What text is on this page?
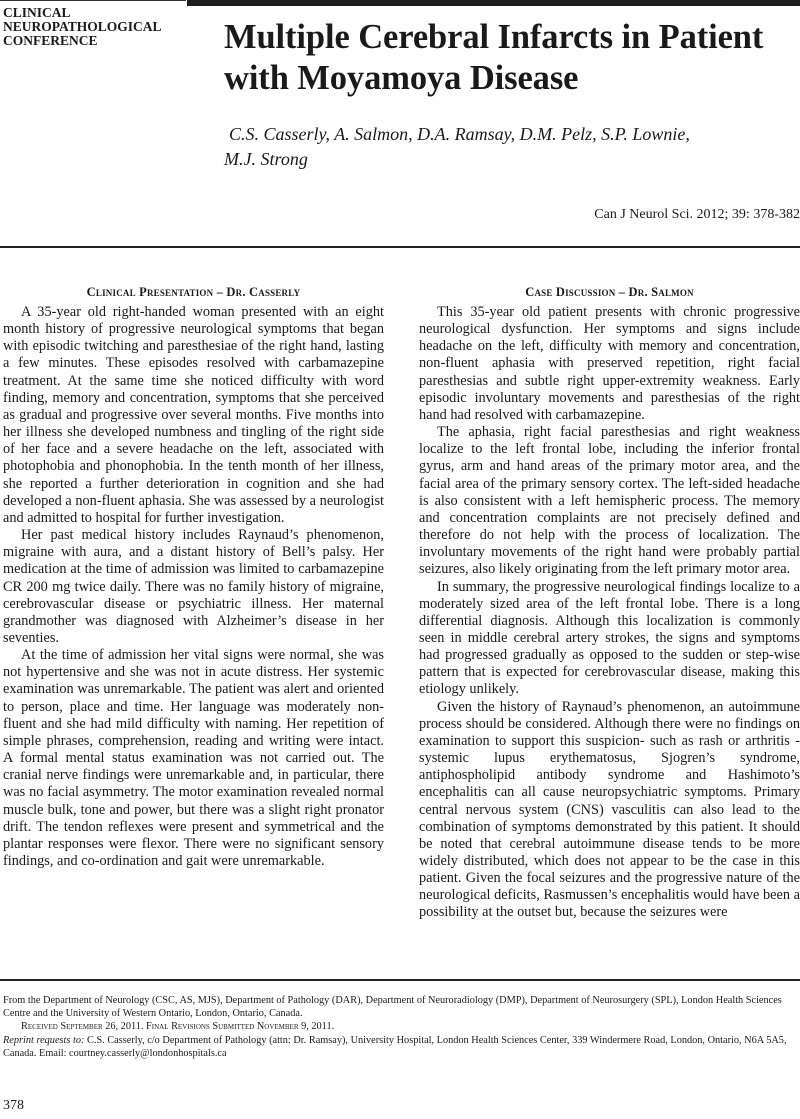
CLINICAL
NEUROPATHOLOGICAL
CONFERENCE	Multiple Cerebral Infarcts in Patient with Moyamoya Disease
C.S. Casserly, A. Salmon, D.A. Ramsay, D.M. Pelz, S.P. Lownie,
M.J. Strong
Can J Neurol Sci. 2012; 39: 378-382
Clinical Presentation – Dr. Casserly

A 35-year old right-handed woman presented with an eight month history of progressive neurological symptoms that began with episodic twitching and paresthesiae of the right hand, lasting a few minutes. These episodes resolved with carbamazepine treatment. At the same time she noticed difficulty with word finding, memory and concentration, symptoms that she perceived as gradual and progressive over several months. Five months into her illness she developed numbness and tingling of the right side of her face and a severe headache on the left, associated with photophobia and phonophobia. In the tenth month of her illness, she reported a further deterioration in cognition and she had developed a non-fluent aphasia. She was assessed by a neurologist and admitted to hospital for further investigation.

Her past medical history includes Raynaud’s phenomenon, migraine with aura, and a distant history of Bell’s palsy. Her medication at the time of admission was limited to carbamazepine CR 200 mg twice daily. There was no family history of migraine, cerebrovascular disease or psychiatric illness. Her maternal grandmother was diagnosed with Alzheimer’s disease in her seventies.

At the time of admission her vital signs were normal, she was not hypertensive and she was not in acute distress. Her systemic examination was unremarkable. The patient was alert and oriented to person, place and time. Her language was moderately non-fluent and she had mild difficulty with naming. Her repetition of simple phrases, comprehension, reading and writing were intact. A formal mental status examination was not carried out. The cranial nerve findings were unremarkable and, in particular, there was no facial asymmetry. The motor examination revealed normal muscle bulk, tone and power, but there was a slight right pronator drift. The tendon reflexes were present and symmetrical and the plantar responses were flexor. There were no significant sensory findings, and co-ordination and gait were unremarkable.

Case Discussion – Dr. Salmon

This 35-year old patient presents with chronic progressive neurological dysfunction. Her symptoms and signs include headache on the left, difficulty with memory and concentration, non-fluent aphasia with preserved repetition, right facial paresthesias and subtle right upper-extremity weakness. Early episodic involuntary movements and paresthesias of the right hand had resolved with carbamazepine.

The aphasia, right facial paresthesias and right weakness localize to the left frontal lobe, including the inferior frontal gyrus, arm and hand areas of the primary motor area, and the facial area of the primary sensory cortex. The left-sided headache is also consistent with a left hemispheric process. The memory and concentration complaints are not precisely defined and therefore do not help with the process of localization. The involuntary movements of the right hand were probably partial seizures, also likely originating from the left primary motor area.

In summary, the progressive neurological findings localize to a moderately sized area of the left frontal lobe. There is a long differential diagnosis. Although this localization is commonly seen in middle cerebral artery strokes, the signs and symptoms had progressed gradually as opposed to the sudden or step-wise pattern that is expected for cerebrovascular disease, making this etiology unlikely.

Given the history of Raynaud’s phenomenon, an autoimmune process should be considered. Although there were no findings on examination to support this suspicion- such as rash or arthritis - systemic lupus erythematosus, Sjogren’s syndrome, antiphospholipid antibody syndrome and Hashimoto’s encephalitis can all cause neuropsychiatric symptoms. Primary central nervous system (CNS) vasculitis can also lead to the combination of symptoms demonstrated by this patient. It should be noted that cerebral autoimmune disease tends to be more widely distributed, which does not appear to be the case in this patient. Given the focal seizures and the progressive nature of the neurological deficits, Rasmussen’s encephalitis would have been a possibility at the outset but, because the seizures were

From the Department of Neurology (CSC, AS, MJS), Department of Pathology (DAR), Department of Neuroradiology (DMP), Department of Neurosurgery (SPL), London Health Sciences Centre and the University of Western Ontario, London, Ontario, Canada.

Received September 26, 2011. Final Revisions Submitted November 9, 2011.

Reprint requests to: C.S. Casserly, c/o Department of Pathology (attn: Dr. Ramsay), University Hospital, London Health Sciences Center, 339 Windermere Road, London, Ontario, N6A 5A5, Canada. Email: courtney.casserly@londonhospitals.ca

378
